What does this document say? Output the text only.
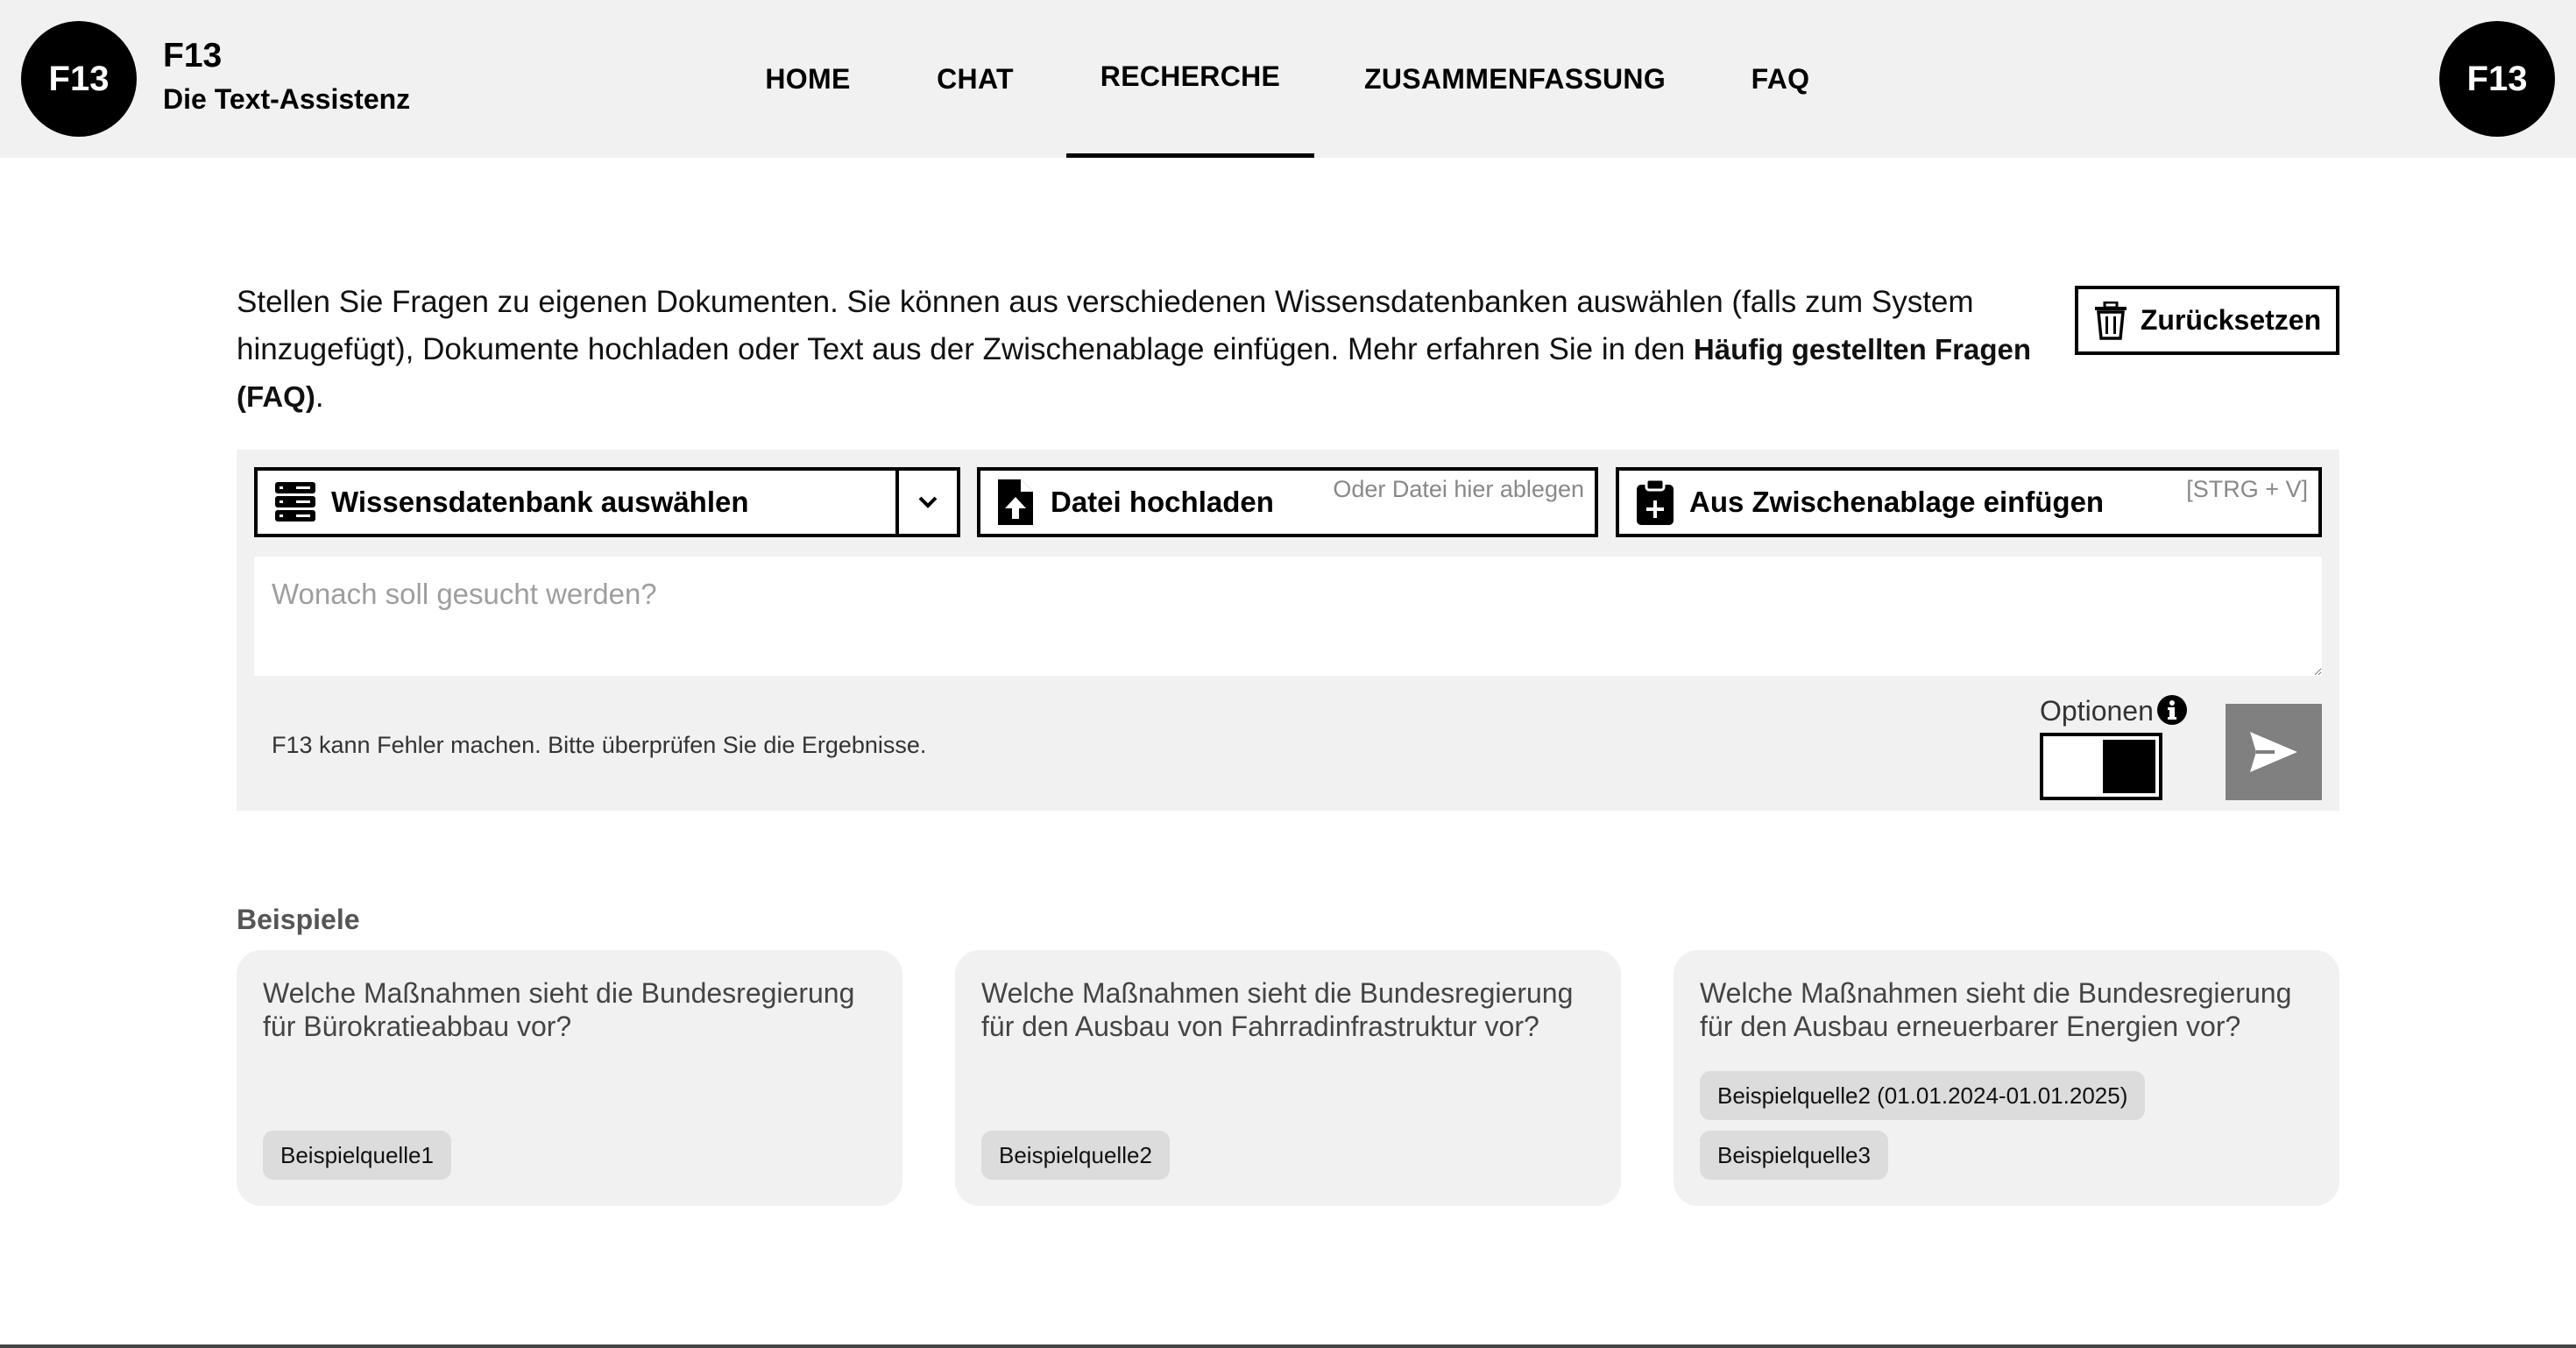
F13
F13
Die Text-Assistenz
HOME	CHAT	RECHERCHE	ZUSAMMENFASSUNG	FAQ	F13
Stellen Sie Fragen zu eigenen Dokumenten. Sie können aus verschiedenen Wissensdatenbanken auswählen (falls zum System hinzugefügt), Dokumente hochladen oder Text aus der Zwischenablage einfügen. Mehr erfahren Sie in den Häufig gestellten Fragen (FAQ).
Zurücksetzen
Wissensdatenbank auswählen	Datei hochladen Oder Datei hier ablegen	Aus Zwischenablage einfügen	[STRG + V]
Wonach soll gesucht werden?
F13 kann Fehler machen. Bitte überprüfen Sie die Ergebnisse.
Optionen
Beispiele
Welche Maßnahmen sieht die Bundesregierung für Bürokratieabbau vor?
Beispielquelle1
Welche Maßnahmen sieht die Bundesregierung für den Ausbau von Fahrradinfrastruktur vor?
Beispielquelle2
Welche Maßnahmen sieht die Bundesregierung für den Ausbau erneuerbarer Energien vor?
Beispielquelle2 (01.01.2024-01.01.2025)
Beispielquelle3
